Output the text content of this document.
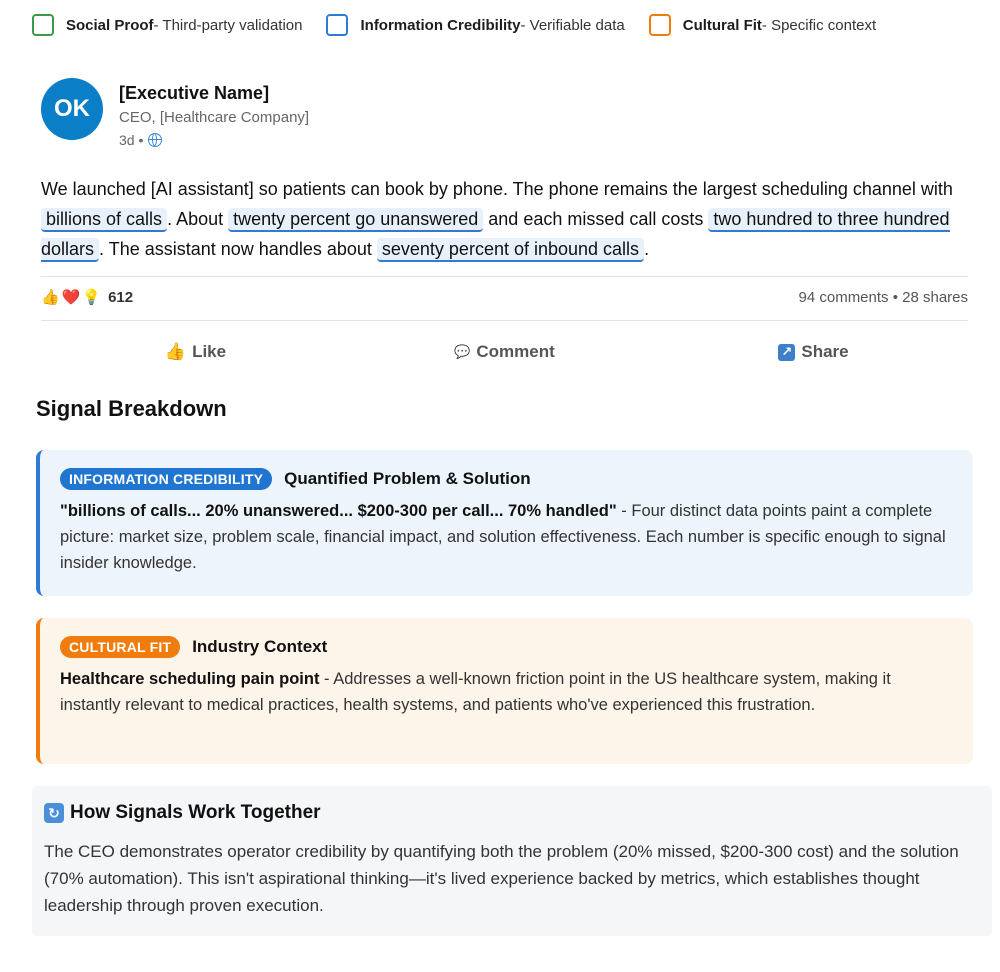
Social Proof - Third-party validation	Information Credibility - Verifiable data	Cultural Fit - Specific context
OK
[Executive Name]
CEO, [Healthcare Company]
3d •
We launched [AI assistant] so patients can book by phone. The phone remains the largest scheduling channel with billions of calls . About twenty percent go unanswered and each missed call costs two hundred to three hundred dollars . The assistant now handles about seventy percent of inbound calls .
👍 ❤️ 💡 612	94 comments • 28 shares
👍 Like	💬 Comment	↗ Share
Signal Breakdown
INFORMATION CREDIBILITY	Quantified Problem & Solution
"billions of calls... 20% unanswered... $200-300 per call... 70% handled" - Four distinct data points paint a complete picture: market size, problem scale, financial impact, and solution effectiveness. Each number is specific enough to signal insider knowledge.
CULTURAL FIT	Industry Context
Healthcare scheduling pain point - Addresses a well-known friction point in the US healthcare system, making it instantly relevant to medical practices, health systems, and patients who've experienced this frustration.
↻ How Signals Work Together
The CEO demonstrates operator credibility by quantifying both the problem (20% missed, $200-300 cost) and the solution (70% automation). This isn't aspirational thinking—it's lived experience backed by metrics, which establishes thought leadership through proven execution.
